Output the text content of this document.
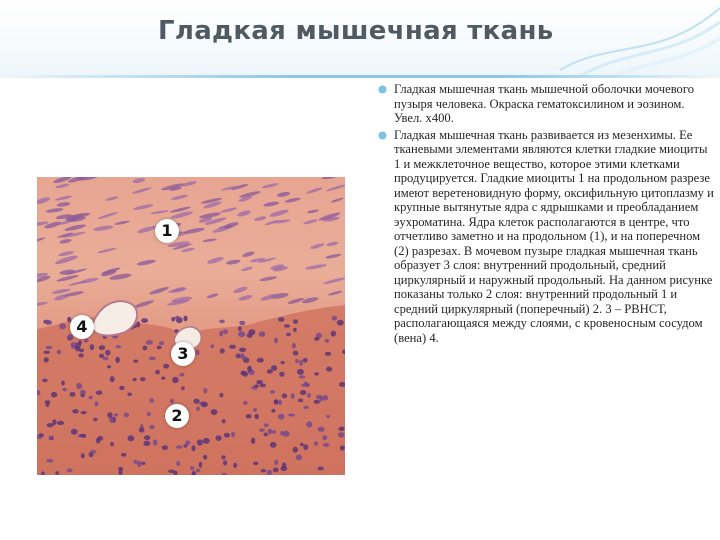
Гладкая мышечная ткань
Гладкая мышечная ткань мышечной оболочки мочевого пузыря человека. Окраска гематоксилином и эозином. Увел. х400.
Гладкая мышечная ткань развивается из мезенхимы. Ее тканевыми элементами являются клетки гладкие миоциты 1 и межклеточное вещество, которое этими клетками продуцируется. Гладкие миоциты 1 на продольном разрезе имеют веретеновидную форму, оксифильную цитоплазму и крупные вытянутые ядра с ядрышками и преобладанием эухроматина. Ядра клеток располагаются в центре, что отчетливо заметно и на продольном (1), и на поперечном (2) разрезах. В мочевом пузыре гладкая мышечная ткань образует 3 слоя: внутренний продольный, средний циркулярный и наружный продольный. На данном рисунке показаны только 2 слоя: внутренний продольный 1 и средний циркулярный (поперечный) 2. 3 – РВНСТ, располагающаяся между слоями, с кровеносным сосудом (вена) 4.
1
4
3
2
